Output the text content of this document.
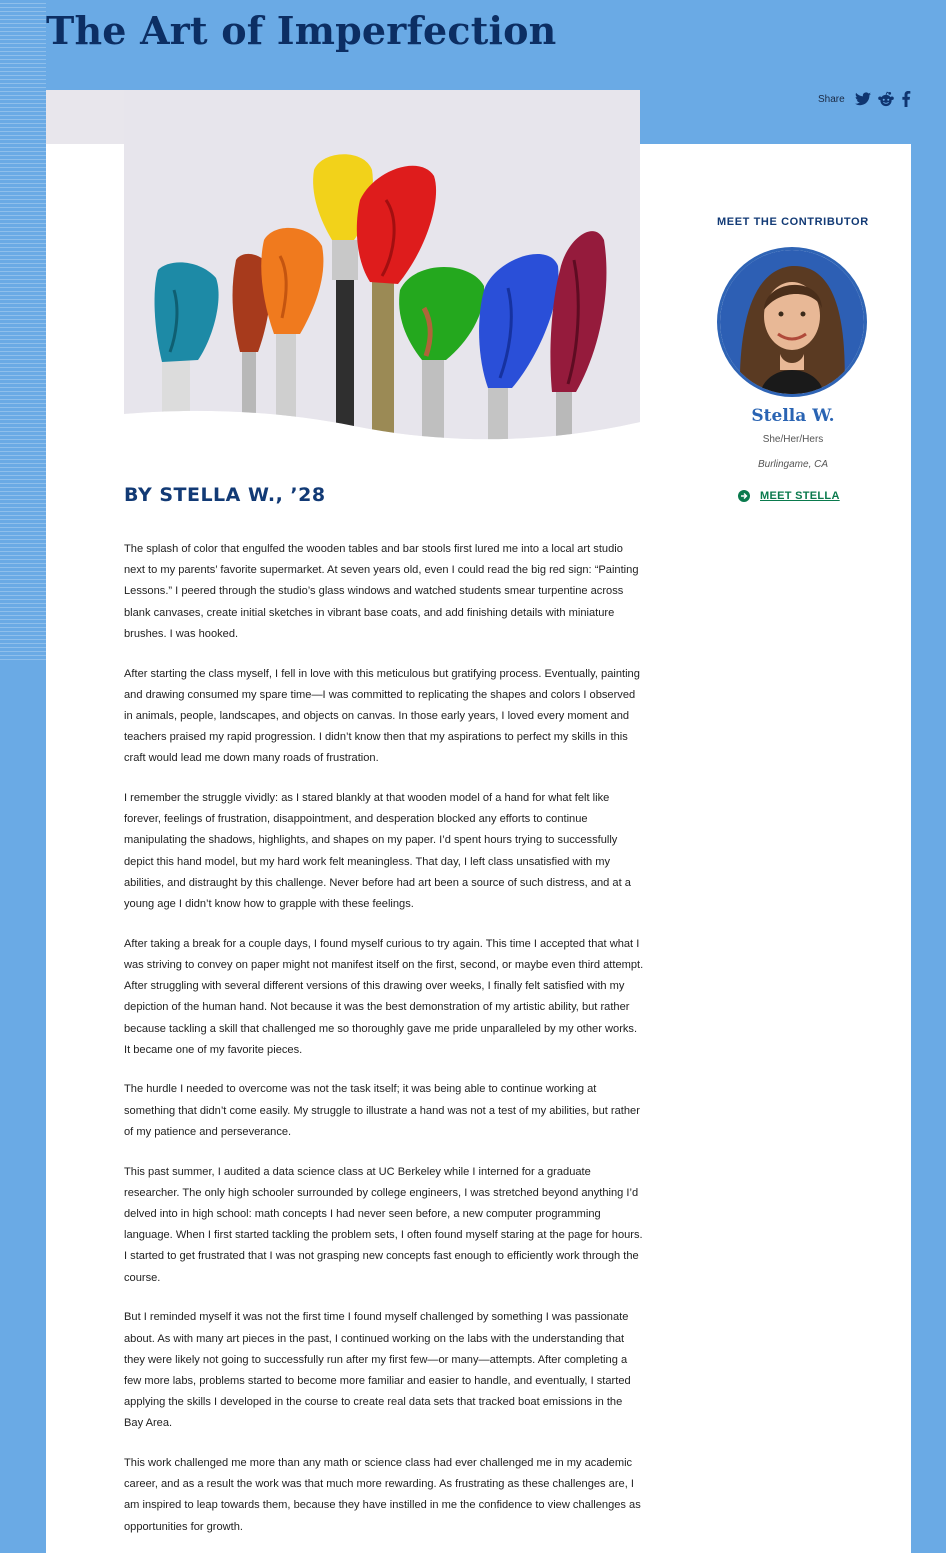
The Art of Imperfection
Share
BY STELLA W., ’28

The splash of color that engulfed the wooden tables and bar stools first lured me into a local art studio next to my parents’ favorite supermarket. At seven years old, even I could read the big red sign: “Painting Lessons.” I peered through the studio’s glass windows and watched students smear turpentine across blank canvases, create initial sketches in vibrant base coats, and add finishing details with miniature brushes. I was hooked.

After starting the class myself, I fell in love with this meticulous but gratifying process. Eventually, painting and drawing consumed my spare time—I was committed to replicating the shapes and colors I observed in animals, people, landscapes, and objects on canvas. In those early years, I loved every moment and teachers praised my rapid progression. I didn’t know then that my aspirations to perfect my skills in this craft would lead me down many roads of frustration.

I remember the struggle vividly: as I stared blankly at that wooden model of a hand for what felt like forever, feelings of frustration, disappointment, and desperation blocked any efforts to continue manipulating the shadows, highlights, and shapes on my paper. I’d spent hours trying to successfully depict this hand model, but my hard work felt meaningless. That day, I left class unsatisfied with my abilities, and distraught by this challenge. Never before had art been a source of such distress, and at a young age I didn’t know how to grapple with these feelings.

After taking a break for a couple days, I found myself curious to try again. This time I accepted that what I was striving to convey on paper might not manifest itself on the first, second, or maybe even third attempt. After struggling with several different versions of this drawing over weeks, I finally felt satisfied with my depiction of the human hand. Not because it was the best demonstration of my artistic ability, but rather because tackling a skill that challenged me so thoroughly gave me pride unparalleled by my other works. It became one of my favorite pieces.

The hurdle I needed to overcome was not the task itself; it was being able to continue working at something that didn’t come easily. My struggle to illustrate a hand was not a test of my abilities, but rather of my patience and perseverance.

This past summer, I audited a data science class at UC Berkeley while I interned for a graduate researcher. The only high schooler surrounded by college engineers, I was stretched beyond anything I’d delved into in high school: math concepts I had never seen before, a new computer programming language. When I first started tackling the problem sets, I often found myself staring at the page for hours. I started to get frustrated that I was not grasping new concepts fast enough to efficiently work through the course.

But I reminded myself it was not the first time I found myself challenged by something I was passionate about. As with many art pieces in the past, I continued working on the labs with the understanding that they were likely not going to successfully run after my first few—or many—attempts. After completing a few more labs, problems started to become more familiar and easier to handle, and eventually, I started applying the skills I developed in the course to create real data sets that tracked boat emissions in the Bay Area.

This work challenged me more than any math or science class had ever challenged me in my academic career, and as a result the work was that much more rewarding. As frustrating as these challenges are, I am inspired to leap towards them, because they have instilled in me the confidence to view challenges as opportunities for growth.

MEET THE CONTRIBUTOR
Stella W.
She/Her/Hers
Burlingame, CA
MEET STELLA
